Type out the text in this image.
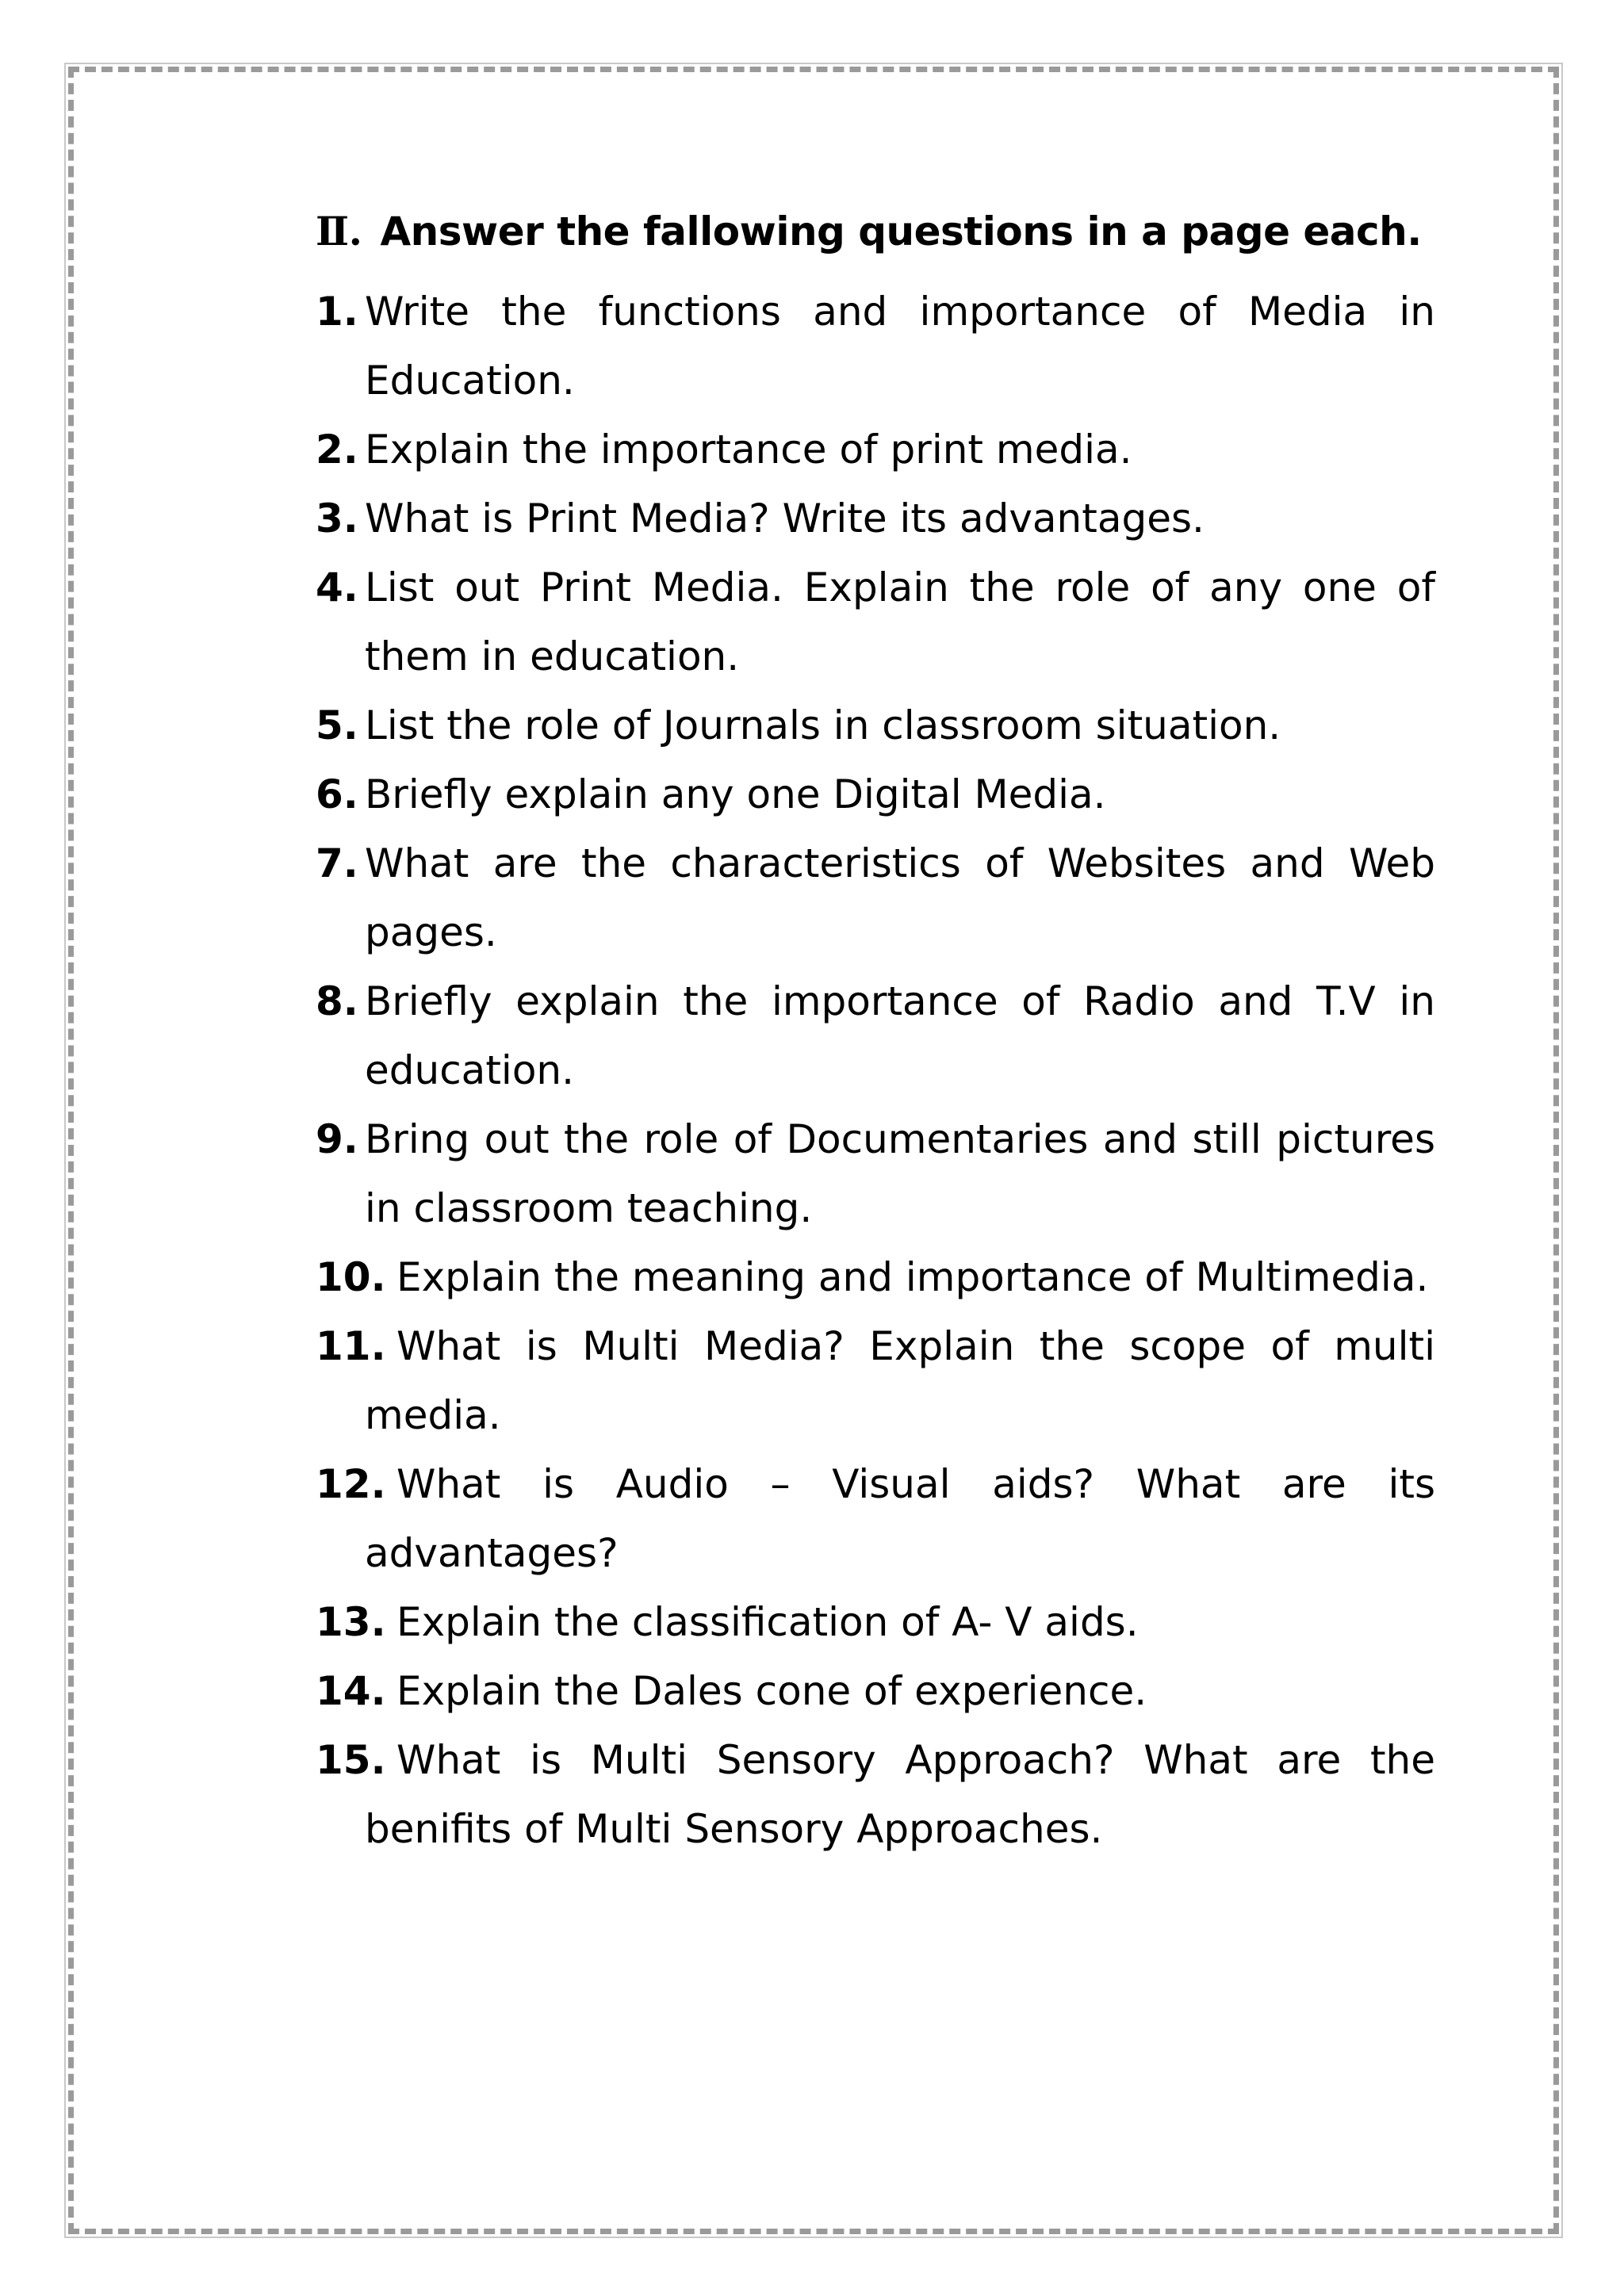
Ⅱ. Answer the fallowing questions in a page each.
1. Write the functions and importance of Media in Education.
2. Explain the importance of print media.
3. What is Print Media? Write its advantages.
4. List out Print Media. Explain the role of any one of them in education.
5. List the role of Journals in classroom situation.
6. Briefly explain any one Digital Media.
7. What are the characteristics of Websites and Web pages.
8. Briefly explain the importance of Radio and T.V in education.
9. Bring out the role of Documentaries and still pictures in classroom teaching.
10. Explain the meaning and importance of Multimedia.
11. What is Multi Media? Explain the scope of multi media.
12. What is Audio – Visual aids? What are its advantages?
13. Explain the classification of A- V aids.
14. Explain the Dales cone of experience.
15. What is Multi Sensory Approach? What are the benifits of Multi Sensory Approaches.
